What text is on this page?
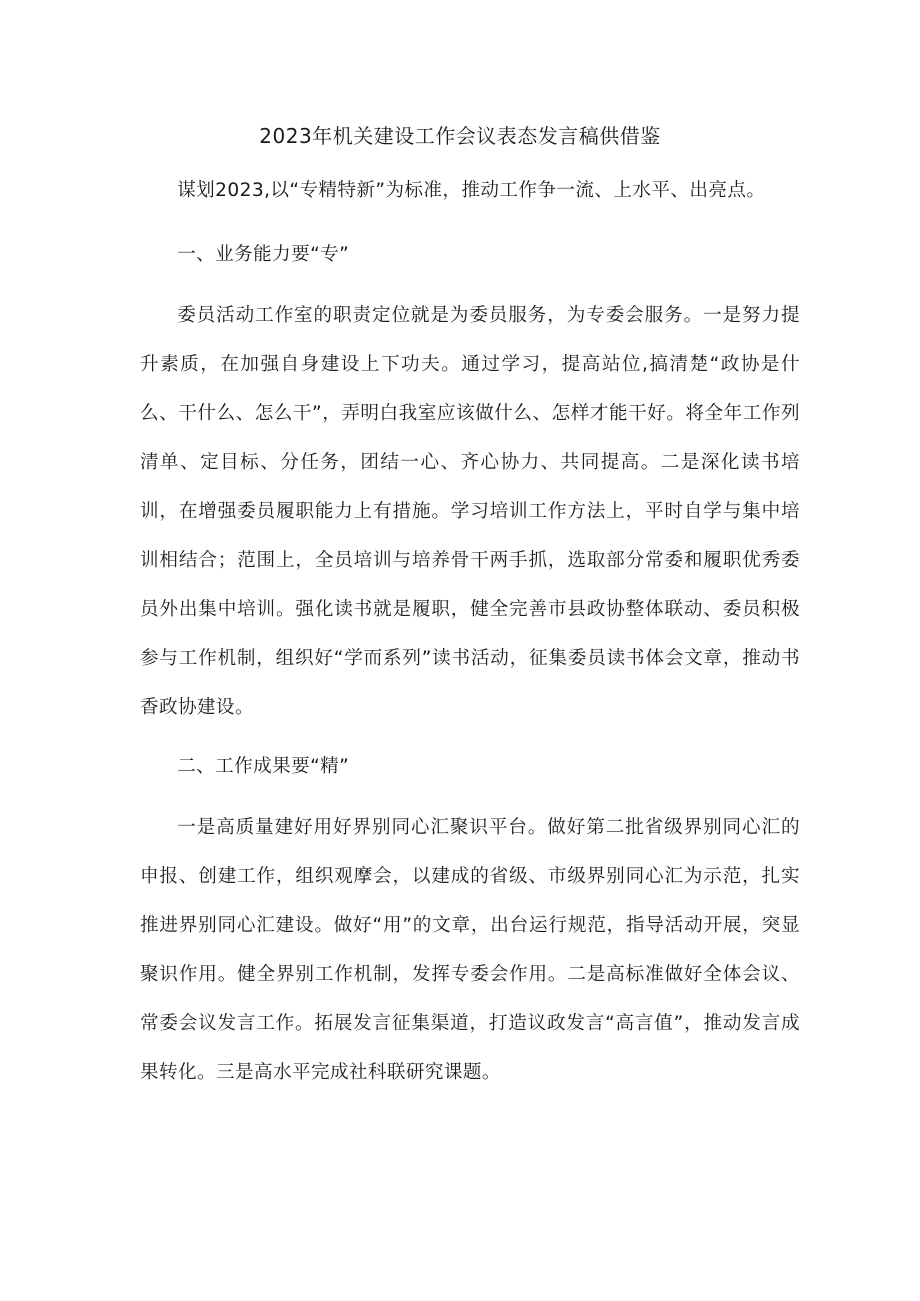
2023年机关建设工作会议表态发言稿供借鉴

谋划2023,以“专精特新”为标准，推动工作争一流、上水平、出亮点。

一、业务能力要“专”

委员活动工作室的职责定位就是为委员服务，为专委会服务。一是努力提升素质，在加强自身建设上下功夫。通过学习，提高站位,搞清楚“政协是什么、干什么、怎么干”，弄明白我室应该做什么、怎样才能干好。将全年工作列清单、定目标、分任务，团结一心、齐心协力、共同提高。二是深化读书培训，在增强委员履职能力上有措施。学习培训工作方法上，平时自学与集中培训相结合；范围上，全员培训与培养骨干两手抓，选取部分常委和履职优秀委员外出集中培训。强化读书就是履职，健全完善市县政协整体联动、委员积极参与工作机制，组织好“学而系列”读书活动，征集委员读书体会文章，推动书香政协建设。

二、工作成果要“精”

一是高质量建好用好界别同心汇聚识平台。做好第二批省级界别同心汇的申报、创建工作，组织观摩会，以建成的省级、市级界别同心汇为示范，扎实推进界别同心汇建设。做好“用”的文章，出台运行规范，指导活动开展，突显聚识作用。健全界别工作机制，发挥专委会作用。二是高标准做好全体会议、常委会议发言工作。拓展发言征集渠道，打造议政发言“高言值”，推动发言成果转化。三是高水平完成社科联研究课题。
